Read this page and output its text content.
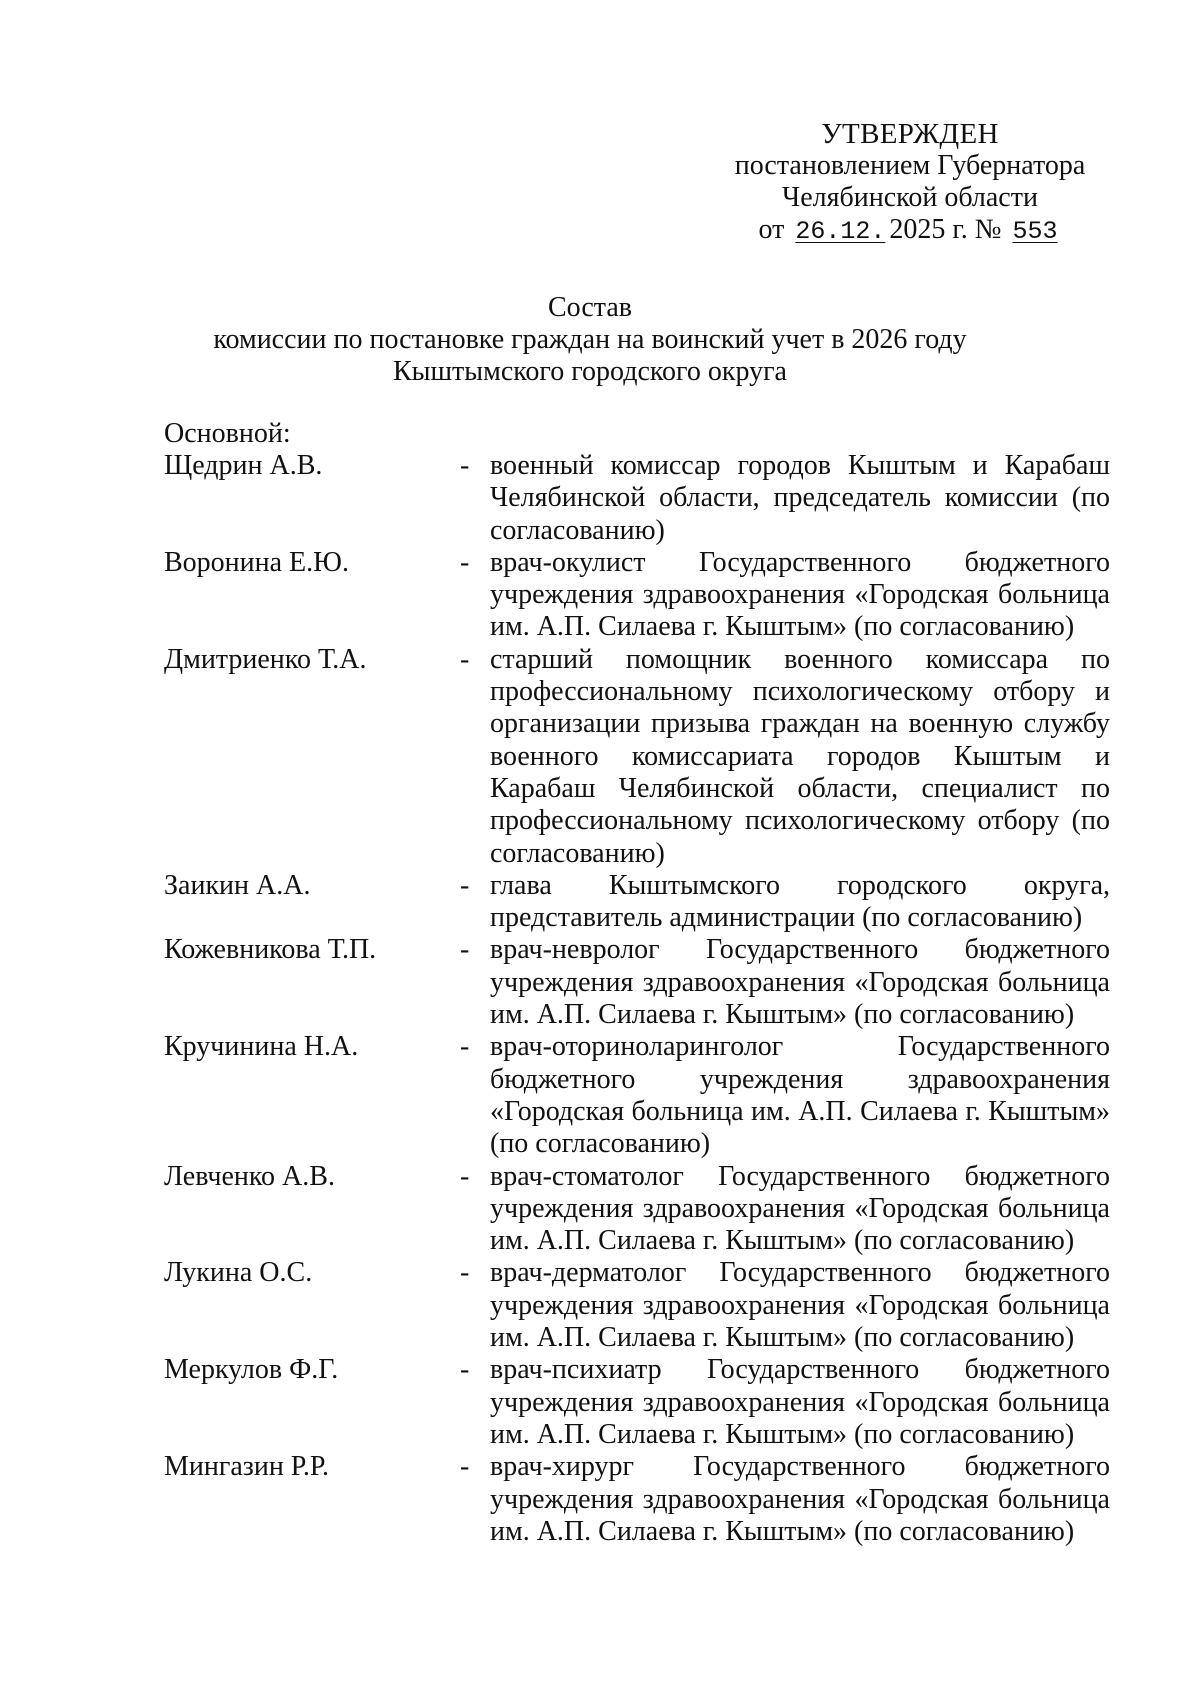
УТВЕРЖДЕН
постановлением Губернатора
Челябинской области
от 26.12. 2025 г. № 553
Состав
комиссии по постановке граждан на воинский учет в 2026 году
Кыштымского городского округа
Основной:
Щедрин А.В.	- военный комиссар городов Кыштым и Карабаш Челябинской области, председатель комиссии (по согласованию)
Воронина Е.Ю.	- врач-окулист Государственного бюджетного учреждения здравоохранения «Городская больница им. А.П. Силаева г. Кыштым» (по согласованию)
Дмитриенко Т.А.	- старший помощник военного комиссара по профессиональному психологическому отбору и организации призыва граждан на военную службу военного комиссариата городов Кыштым и Карабаш Челябинской области, специалист по профессиональному психологическому отбору (по согласованию)
Заикин А.А.	- глава Кыштымского городского округа, представитель администрации (по согласованию)
Кожевникова Т.П.	- врач-невролог Государственного бюджетного учреждения здравоохранения «Городская больница им. А.П. Силаева г. Кыштым» (по согласованию)
Кручинина Н.А.	- врач-оториноларинголог Государственного бюджетного учреждения здравоохранения «Городская больница им. А.П. Силаева г. Кыштым» (по согласованию)
Левченко А.В.	- врач-стоматолог Государственного бюджетного учреждения здравоохранения «Городская больница им. А.П. Силаева г. Кыштым» (по согласованию)
Лукина О.С.	- врач-дерматолог Государственного бюджетного учреждения здравоохранения «Городская больница им. А.П. Силаева г. Кыштым» (по согласованию)
Меркулов Ф.Г.	- врач-психиатр Государственного бюджетного учреждения здравоохранения «Городская больница им. А.П. Силаева г. Кыштым» (по согласованию)
Мингазин Р.Р.	- врач-хирург Государственного бюджетного учреждения здравоохранения «Городская больница им. А.П. Силаева г. Кыштым» (по согласованию)
